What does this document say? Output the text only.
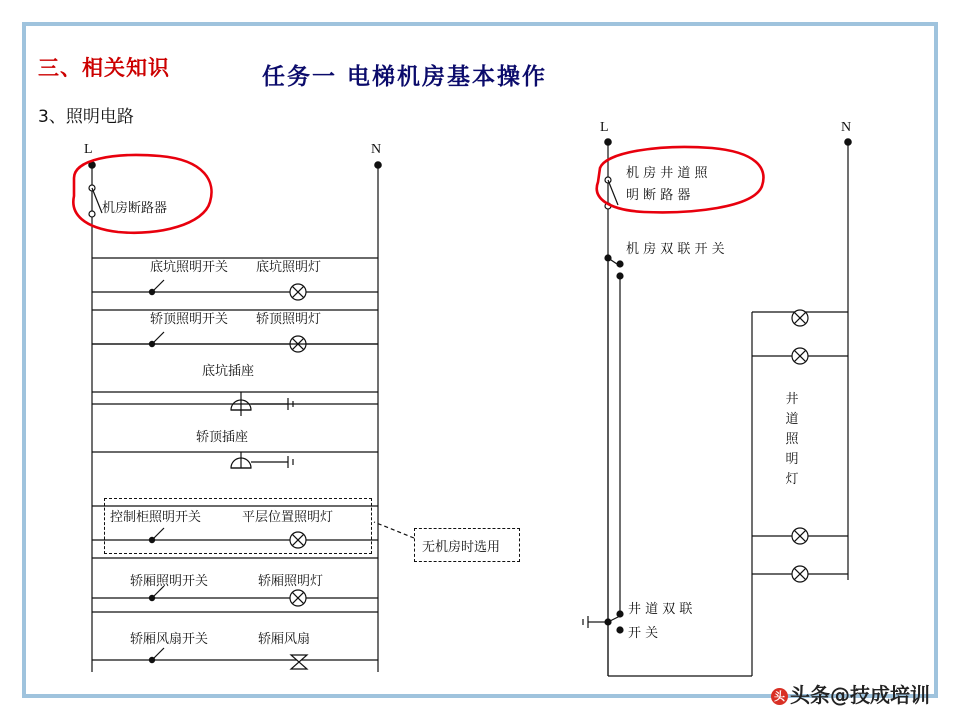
三、相关知识	任务一 电梯机房基本操作
3、照明电路
L	N
机房断路器
底坑照明开关 底坑照明灯
轿顶照明开关 轿顶照明灯
底坑插座
轿顶插座
控制柜照明开关	平层位置照明灯
无机房时选用
轿厢照明开关	轿厢照明灯
轿厢风扇开关	轿厢风扇
L	N
机 房 井 道 照
明 断 路 器
机 房 双 联 开 关
井 道 双 联
开 关
井道照明灯
头 头条@技成培训
